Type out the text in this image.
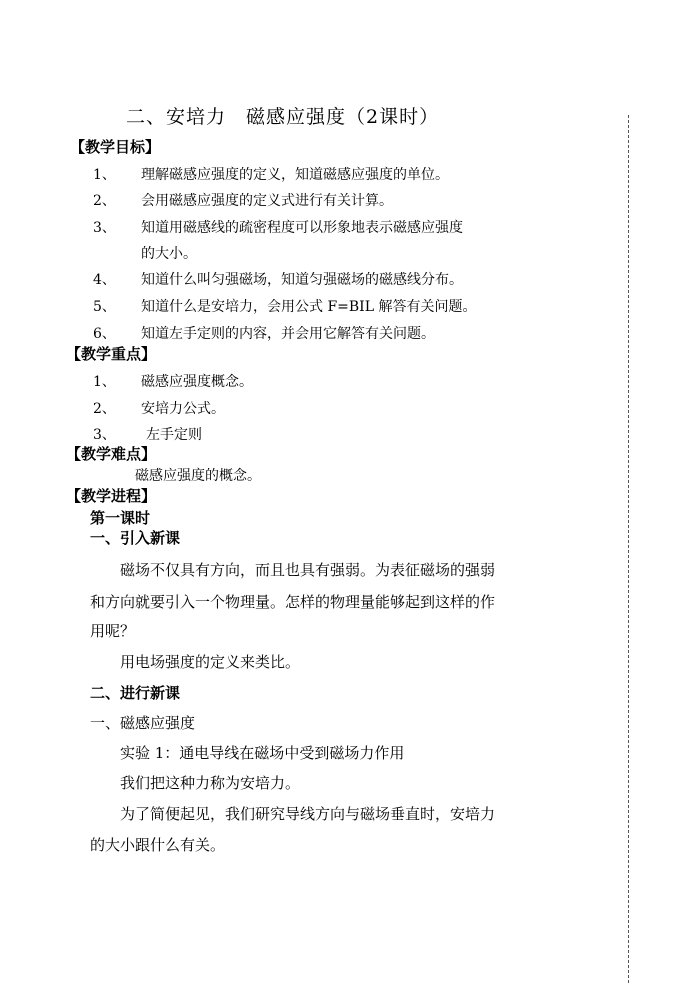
二、安培力　磁感应强度（2课时）
【教学目标】
1、 理解磁感应强度的定义，知道磁感应强度的单位。
2、 会用磁感应强度的定义式进行有关计算。
3、 知道用磁感线的疏密程度可以形象地表示磁感应强度
的大小。
4、 知道什么叫匀强磁场，知道匀强磁场的磁感线分布。
5、 知道什么是安培力，会用公式 F=BIL 解答有关问题。
6、 知道左手定则的内容，并会用它解答有关问题。
【教学重点】
1、 磁感应强度概念。
2、 安培力公式。
3、 左手定则
【教学难点】
磁感应强度的概念。
【教学进程】
第一课时
一、引入新课
磁场不仅具有方向，而且也具有强弱。为表征磁场的强弱
和方向就要引入一个物理量。怎样的物理量能够起到这样的作
用呢？
用电场强度的定义来类比。
二、进行新课
一、磁感应强度
实验 1：通电导线在磁场中受到磁场力作用
我们把这种力称为安培力。
为了简便起见，我们研究导线方向与磁场垂直时，安培力
的大小跟什么有关。
